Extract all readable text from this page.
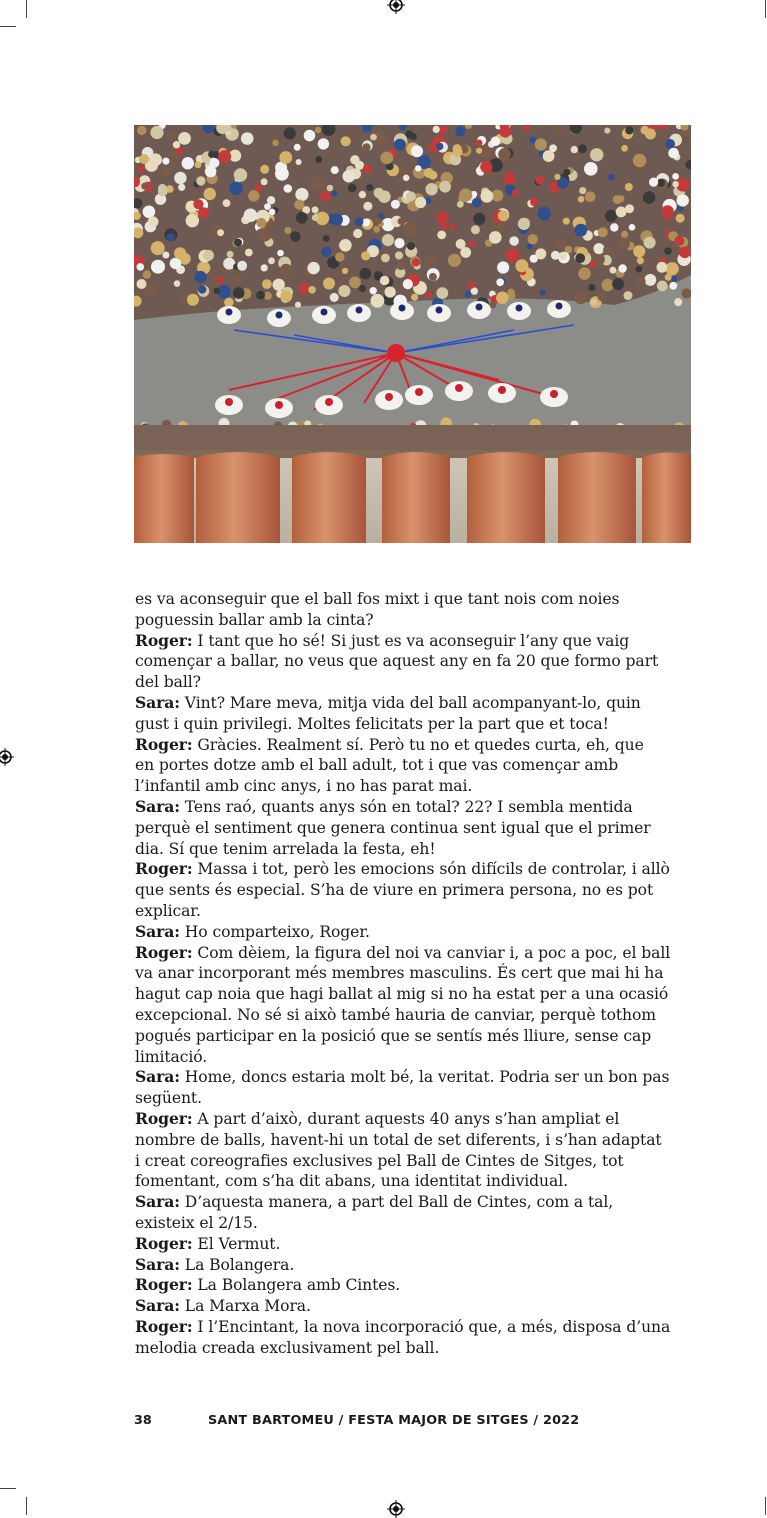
es va aconseguir que el ball fos mixt i que tant nois com noies
poguessin ballar amb la cinta?
Roger: I tant que ho sé! Si just es va aconseguir l’any que vaig
començar a ballar, no veus que aquest any en fa 20 que formo part
del ball?
Sara: Vint? Mare meva, mitja vida del ball acompanyant-lo, quin
gust i quin privilegi. Moltes felicitats per la part que et toca!
Roger: Gràcies. Realment sí. Però tu no et quedes curta, eh, que
en portes dotze amb el ball adult, tot i que vas començar amb
l’infantil amb cinc anys, i no has parat mai.
Sara: Tens raó, quants anys són en total? 22? I sembla mentida
perquè el sentiment que genera continua sent igual que el primer
dia. Sí que tenim arrelada la festa, eh!
Roger: Massa i tot, però les emocions són difícils de controlar, i allò
que sents és especial. S’ha de viure en primera persona, no es pot
explicar.
Sara: Ho comparteixo, Roger.
Roger: Com dèiem, la figura del noi va canviar i, a poc a poc, el ball
va anar incorporant més membres masculins. És cert que mai hi ha
hagut cap noia que hagi ballat al mig si no ha estat per a una ocasió
excepcional. No sé si això també hauria de canviar, perquè tothom
pogués participar en la posició que se sentís més lliure, sense cap
limitació.
Sara: Home, doncs estaria molt bé, la veritat. Podria ser un bon pas
següent.
Roger: A part d’això, durant aquests 40 anys s’han ampliat el
nombre de balls, havent-hi un total de set diferents, i s’han adaptat
i creat coreografies exclusives pel Ball de Cintes de Sitges, tot
fomentant, com s’ha dit abans, una identitat individual.
Sara: D’aquesta manera, a part del Ball de Cintes, com a tal,
existeix el 2/15.
Roger: El Vermut.
Sara: La Bolangera.
Roger: La Bolangera amb Cintes.
Sara: La Marxa Mora.
Roger: I l’Encintant, la nova incorporació que, a més, disposa d’una
melodia creada exclusivament pel ball.
38	SANT BARTOMEU / FESTA MAJOR DE SITGES / 2022
